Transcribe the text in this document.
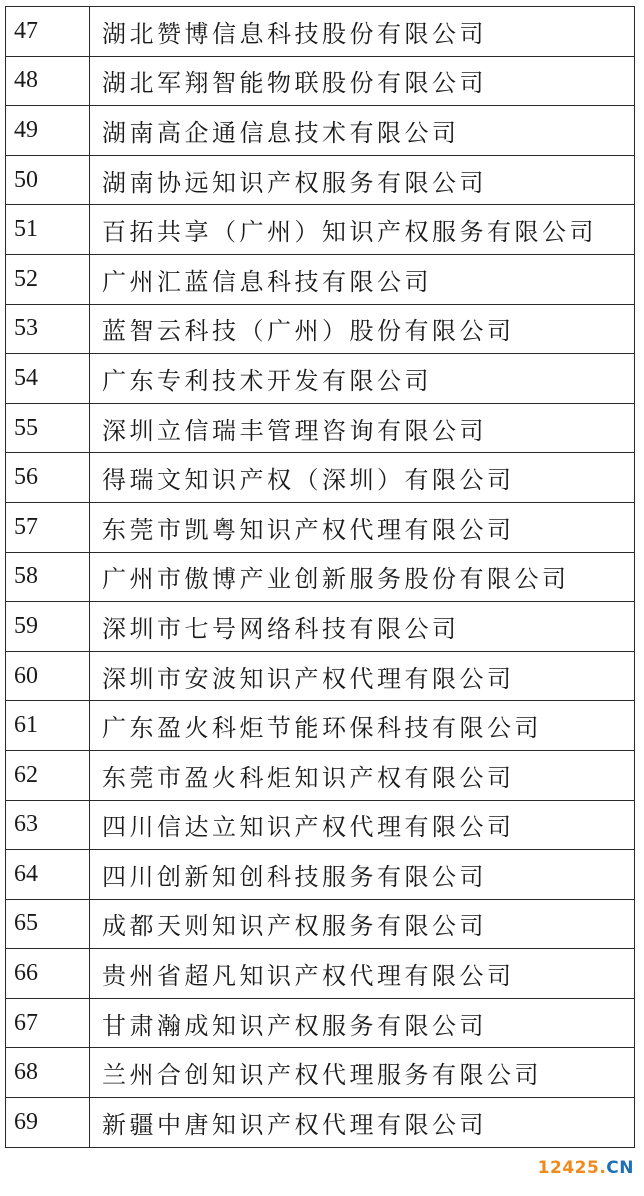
47	湖北赞博信息科技股份有限公司
48	湖北军翔智能物联股份有限公司
49	湖南高企通信息技术有限公司
50	湖南协远知识产权服务有限公司
51	百拓共享（广州）知识产权服务有限公司
52	广州汇蓝信息科技有限公司
53	蓝智云科技（广州）股份有限公司
54	广东专利技术开发有限公司
55	深圳立信瑞丰管理咨询有限公司
56	得瑞文知识产权（深圳）有限公司
57	东莞市凯粤知识产权代理有限公司
58	广州市傲博产业创新服务股份有限公司
59	深圳市七号网络科技有限公司
60	深圳市安波知识产权代理有限公司
61	广东盈火科炬节能环保科技有限公司
62	东莞市盈火科炬知识产权有限公司
63	四川信达立知识产权代理有限公司
64	四川创新知创科技服务有限公司
65	成都天则知识产权服务有限公司
66	贵州省超凡知识产权代理有限公司
67	甘肃瀚成知识产权服务有限公司
68	兰州合创知识产权代理服务有限公司
69	新疆中唐知识产权代理有限公司
12425.CN
